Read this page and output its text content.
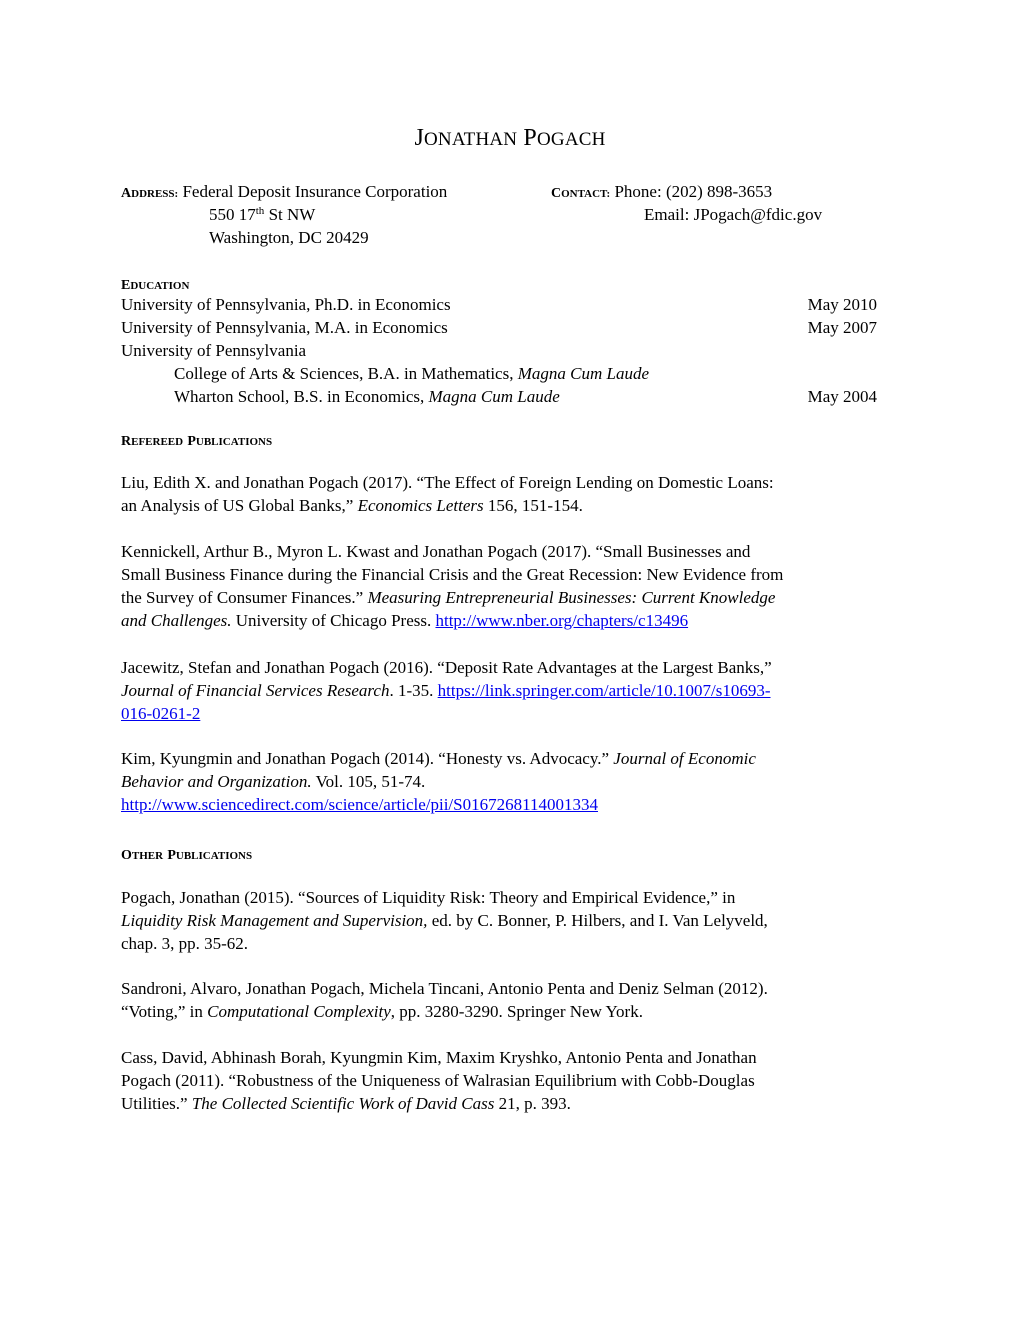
JONATHAN POGACH
ADDRESS: Federal Deposit Insurance Corporation
550 17th St NW
Washington, DC 20429
CONTACT: Phone: (202) 898-3653
Email: JPogach@fdic.gov
EDUCATION
University of Pennsylvania, Ph.D. in Economics	May 2010
University of Pennsylvania, M.A. in Economics	May 2007
University of Pennsylvania
College of Arts & Sciences, B.A. in Mathematics, Magna Cum Laude
Wharton School, B.S. in Economics, Magna Cum Laude	May 2004
REFEREED PUBLICATIONS
Liu, Edith X. and Jonathan Pogach (2017). “The Effect of Foreign Lending on Domestic Loans:
an Analysis of US Global Banks,” Economics Letters 156, 151-154.
Kennickell, Arthur B., Myron L. Kwast and Jonathan Pogach (2017). “Small Businesses and
Small Business Finance during the Financial Crisis and the Great Recession: New Evidence from
the Survey of Consumer Finances.” Measuring Entrepreneurial Businesses: Current Knowledge
and Challenges. University of Chicago Press. http://www.nber.org/chapters/c13496
Jacewitz, Stefan and Jonathan Pogach (2016). “Deposit Rate Advantages at the Largest Banks,”
Journal of Financial Services Research. 1-35. https://link.springer.com/article/10.1007/s10693-
016-0261-2
Kim, Kyungmin and Jonathan Pogach (2014). “Honesty vs. Advocacy.” Journal of Economic
Behavior and Organization. Vol. 105, 51-74.
http://www.sciencedirect.com/science/article/pii/S0167268114001334
OTHER PUBLICATIONS
Pogach, Jonathan (2015). “Sources of Liquidity Risk: Theory and Empirical Evidence,” in
Liquidity Risk Management and Supervision, ed. by C. Bonner, P. Hilbers, and I. Van Lelyveld,
chap. 3, pp. 35-62.
Sandroni, Alvaro, Jonathan Pogach, Michela Tincani, Antonio Penta and Deniz Selman (2012).
“Voting,” in Computational Complexity, pp. 3280-3290. Springer New York.
Cass, David, Abhinash Borah, Kyungmin Kim, Maxim Kryshko, Antonio Penta and Jonathan
Pogach (2011). “Robustness of the Uniqueness of Walrasian Equilibrium with Cobb-Douglas
Utilities.” The Collected Scientific Work of David Cass 21, p. 393.
